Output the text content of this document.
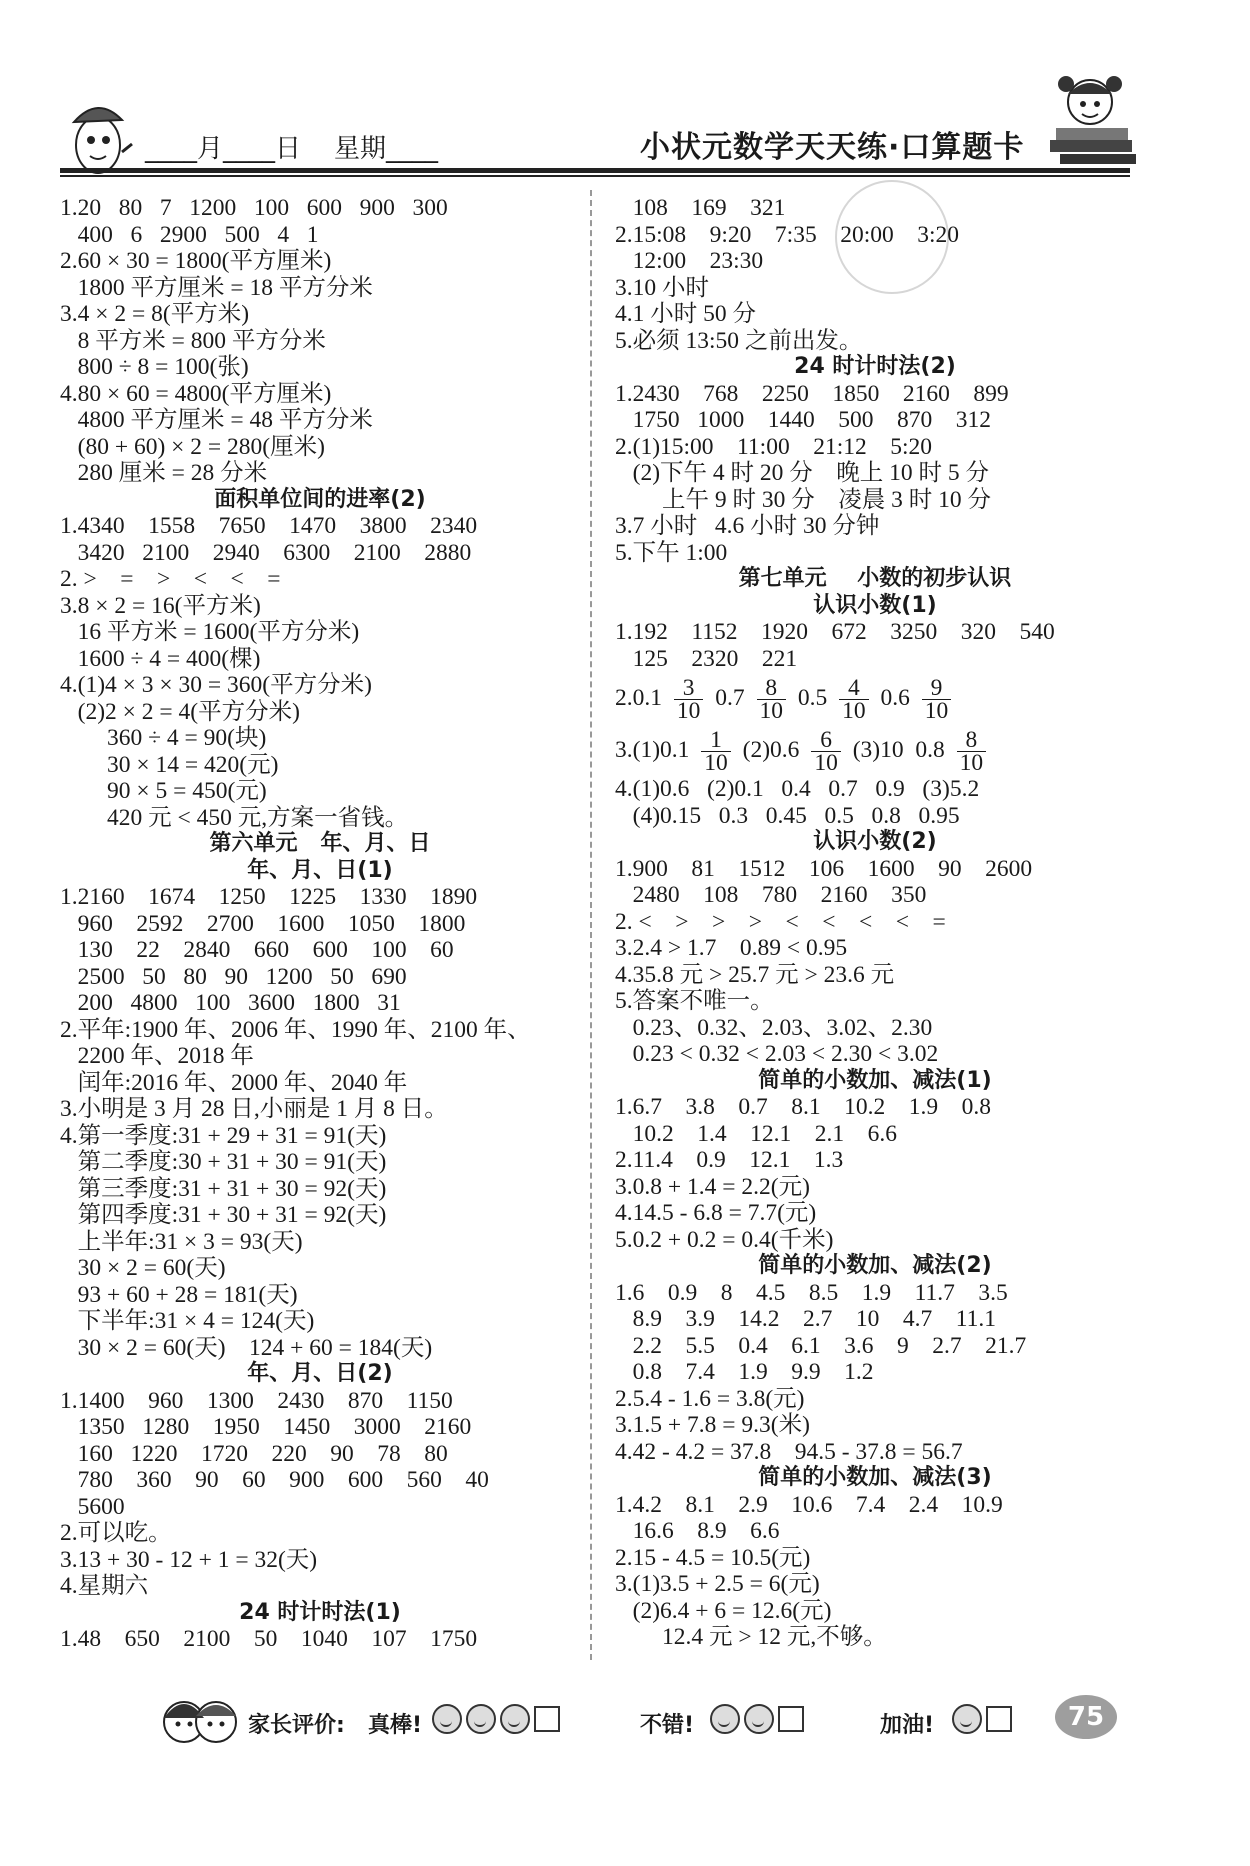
____月____日    星期____	小状元数学天天练·口算题卡
1.20   80   7   1200   100   600   900   300
400   6   2900   500   4   1
2.60 × 30 = 1800(平方厘米)
1800 平方厘米 = 18 平方分米
3.4 × 2 = 8(平方米)
8 平方米 = 800 平方分米
800 ÷ 8 = 100(张)
4.80 × 60 = 4800(平方厘米)
4800 平方厘米 = 48 平方分米
(80 + 60) × 2 = 280(厘米)
280 厘米 = 28 分米
面积单位间的进率(2)
1.4340    1558    7650    1470    3800    2340
3420   2100    2940    6300    2100    2880
2. >    =    >    <    <    =
3.8 × 2 = 16(平方米)
16 平方米 = 1600(平方分米)
1600 ÷ 4 = 400(棵)
4.(1)4 × 3 × 30 = 360(平方分米)
(2)2 × 2 = 4(平方分米)
360 ÷ 4 = 90(块)
30 × 14 = 420(元)
90 × 5 = 450(元)
420 元 < 450 元,方案一省钱。
第六单元   年、月、日
年、月、日(1)
1.2160    1674    1250    1225    1330    1890
960    2592    2700    1600    1050    1800
130    22    2840    660    600    100    60
2500   50   80   90   1200   50   690
200   4800   100   3600   1800   31
2.平年:1900 年、2006 年、1990 年、2100 年、
2200 年、2018 年
闰年:2016 年、2000 年、2040 年
3.小明是 3 月 28 日,小丽是 1 月 8 日。
4.第一季度:31 + 29 + 31 = 91(天)
第二季度:30 + 31 + 30 = 91(天)
第三季度:31 + 31 + 30 = 92(天)
第四季度:31 + 30 + 31 = 92(天)
上半年:31 × 3 = 93(天)
30 × 2 = 60(天)
93 + 60 + 28 = 181(天)
下半年:31 × 4 = 124(天)
30 × 2 = 60(天)    124 + 60 = 184(天)
年、月、日(2)
1.1400    960    1300    2430    870    1150
1350   1280    1950    1450    3000    2160
160   1220    1720    220    90    78    80
780    360    90    60    900    600    560    40
5600
2.可以吃。
3.13 + 30 - 12 + 1 = 32(天)
4.星期六
24 时计时法(1)
1.48    650    2100    50    1040    107    1750
108    169    321
2.15:08    9:20    7:35    20:00    3:20
12:00    23:30
3.10 小时
4.1 小时 50 分
5.必须 13:50 之前出发。
24 时计时法(2)
1.2430    768    2250    1850    2160    899
1750   1000    1440    500    870    312
2.(1)15:00    11:00    21:12    5:20
(2)下午 4 时 20 分    晚上 10 时 5 分
上午 9 时 30 分    凌晨 3 时 10 分
3.7 小时   4.6 小时 30 分钟
5.下午 1:00
第七单元    小数的初步认识
认识小数(1)
1.192    1152    1920    672    3250    320    540
125    2320    221
$2.0.1 \frac{3}{10} 0.7 \frac{8}{10} 0.5 \frac{4}{10} 0.6 \frac{9}{10}$
$3.(1)0.1 \frac{1}{10} (2)0.6 \frac{6}{10} (3)10$  $0.8 \frac{8}{10}$
4.(1)0.6   (2)0.1   0.4   0.7   0.9   (3)5.2
(4)0.15   0.3   0.45   0.5   0.8   0.95
认识小数(2)
1.900    81    1512    106    1600    90    2600
2480    108    780    2160    350
2. <    >    >    >    <    <    <    <    =
3.2.4 > 1.7    0.89 < 0.95
4.35.8 元 > 25.7 元 > 23.6 元
5.答案不唯一。
0.23、0.32、2.03、3.02、2.30
0.23 < 0.32 < 2.03 < 2.30 < 3.02
简单的小数加、减法(1)
1.6.7    3.8    0.7    8.1    10.2    1.9    0.8
10.2    1.4    12.1    2.1    6.6
2.11.4    0.9    12.1    1.3
3.0.8 + 1.4 = 2.2(元)
4.14.5 - 6.8 = 7.7(元)
5.0.2 + 0.2 = 0.4(千米)
简单的小数加、减法(2)
1.6    0.9    8    4.5    8.5    1.9    11.7    3.5
8.9    3.9    14.2    2.7    10    4.7    11.1
2.2    5.5    0.4    6.1    3.6    9    2.7    21.7
0.8    7.4    1.9    9.9    1.2
2.5.4 - 1.6 = 3.8(元)
3.1.5 + 7.8 = 9.3(米)
4.42 - 4.2 = 37.8    94.5 - 37.8 = 56.7
简单的小数加、减法(3)
1.4.2    8.1    2.9    10.6    7.4    2.4    10.9
16.6    8.9    6.6
2.15 - 4.5 = 10.5(元)
3.(1)3.5 + 2.5 = 6(元)
(2)6.4 + 6 = 12.6(元)
12.4 元 > 12 元,不够。
家长评价: 真棒!	不错!	加油!	75
